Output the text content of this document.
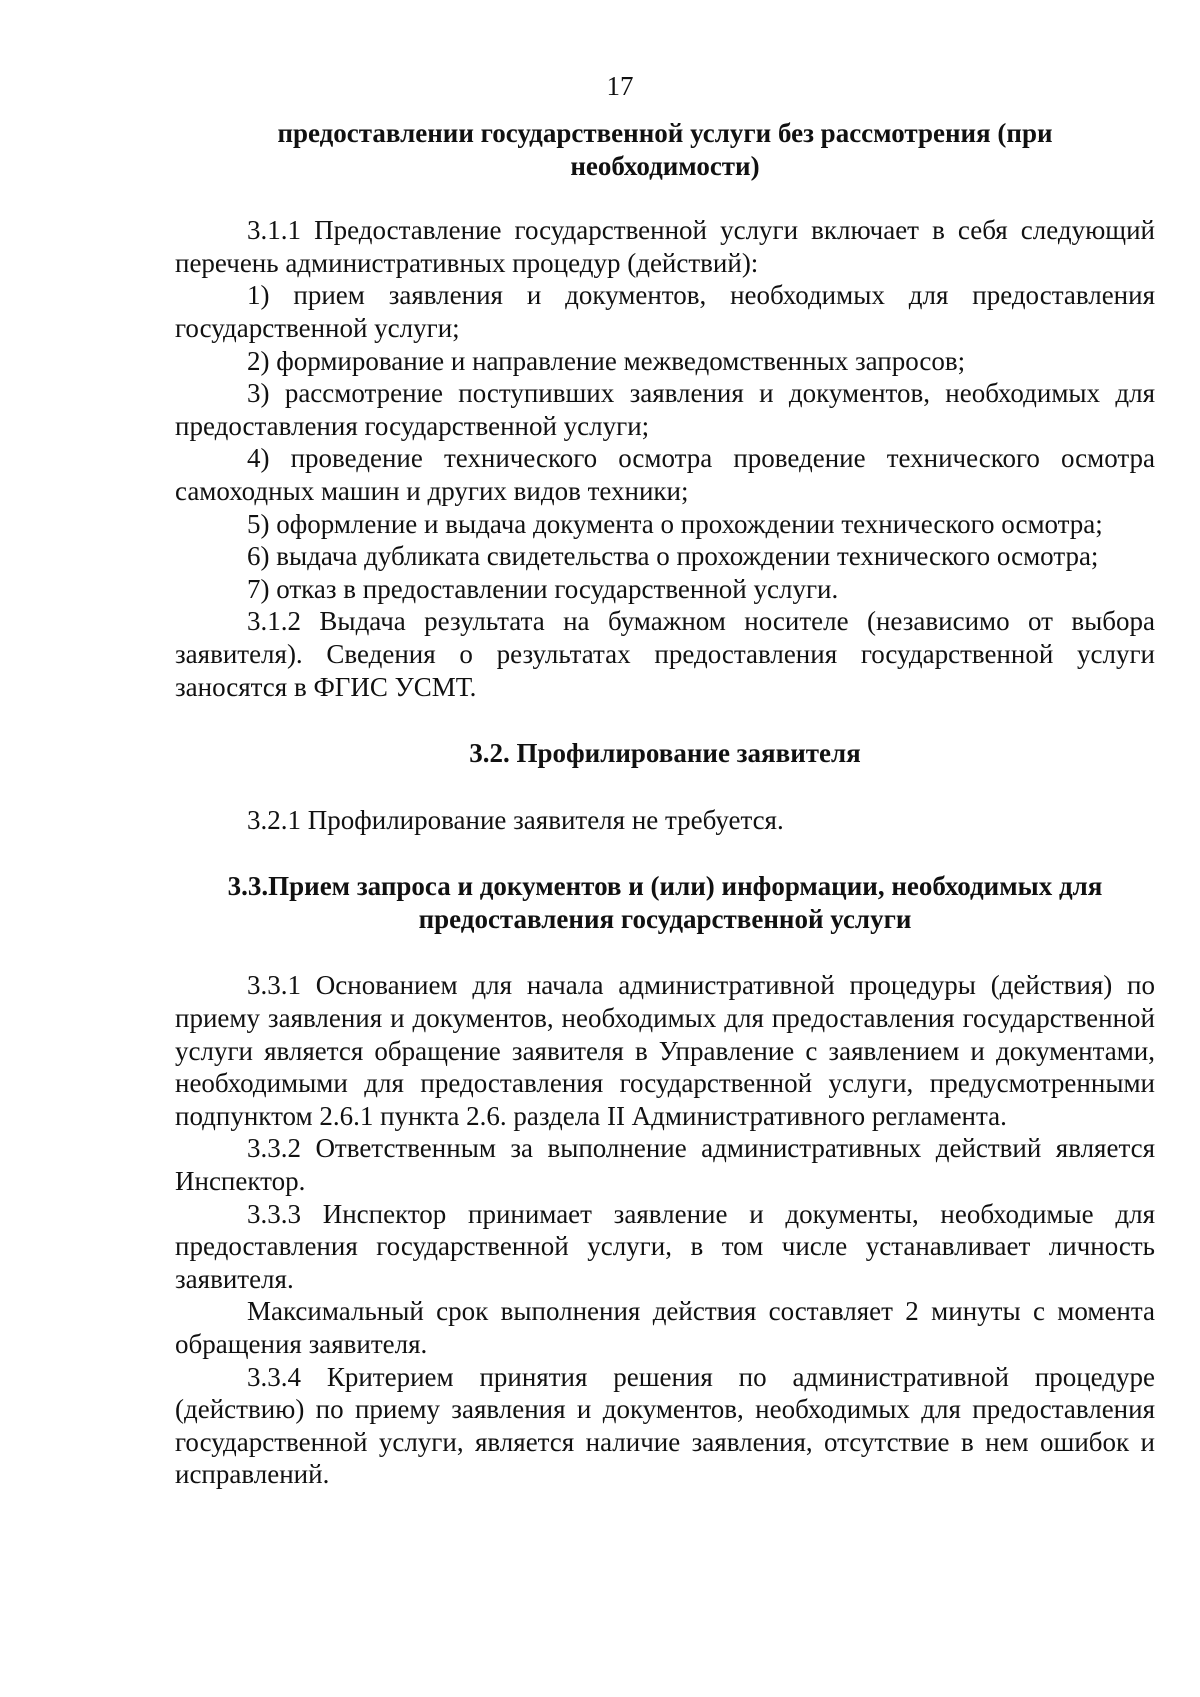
17

предоставлении государственной услуги без рассмотрения (при необходимости)

3.1.1 Предоставление государственной услуги включает в себя следующий перечень административных процедур (действий):

1) прием заявления и документов, необходимых для предоставления государственной услуги;

2) формирование и направление межведомственных запросов;

3) рассмотрение поступивших заявления и документов, необходимых для предоставления государственной услуги;

4) проведение технического осмотра проведение технического осмотра самоходных машин и других видов техники;

5) оформление и выдача документа о прохождении технического осмотра;

6) выдача дубликата свидетельства о прохождении технического осмотра;

7) отказ в предоставлении государственной услуги.

3.1.2 Выдача результата на бумажном носителе (независимо от выбора заявителя). Сведения о результатах предоставления государственной услуги заносятся в ФГИС УСМТ.

3.2. Профилирование заявителя

3.2.1 Профилирование заявителя не требуется.

3.3.Прием запроса и документов и (или) информации, необходимых для предоставления государственной услуги

3.3.1 Основанием для начала административной процедуры (действия) по приему заявления и документов, необходимых для предоставления государственной услуги является обращение заявителя в Управление с заявлением и документами, необходимыми для предоставления государственной услуги, предусмотренными подпунктом 2.6.1 пункта 2.6. раздела II Административного регламента.

3.3.2 Ответственным за выполнение административных действий является Инспектор.

3.3.3 Инспектор принимает заявление и документы, необходимые для предоставления государственной услуги, в том числе устанавливает личность заявителя.

Максимальный срок выполнения действия составляет 2 минуты с момента обращения заявителя.

3.3.4 Критерием принятия решения по административной процедуре (действию) по приему заявления и документов, необходимых для предоставления государственной услуги, является наличие заявления, отсутствие в нем ошибок и исправлений.
